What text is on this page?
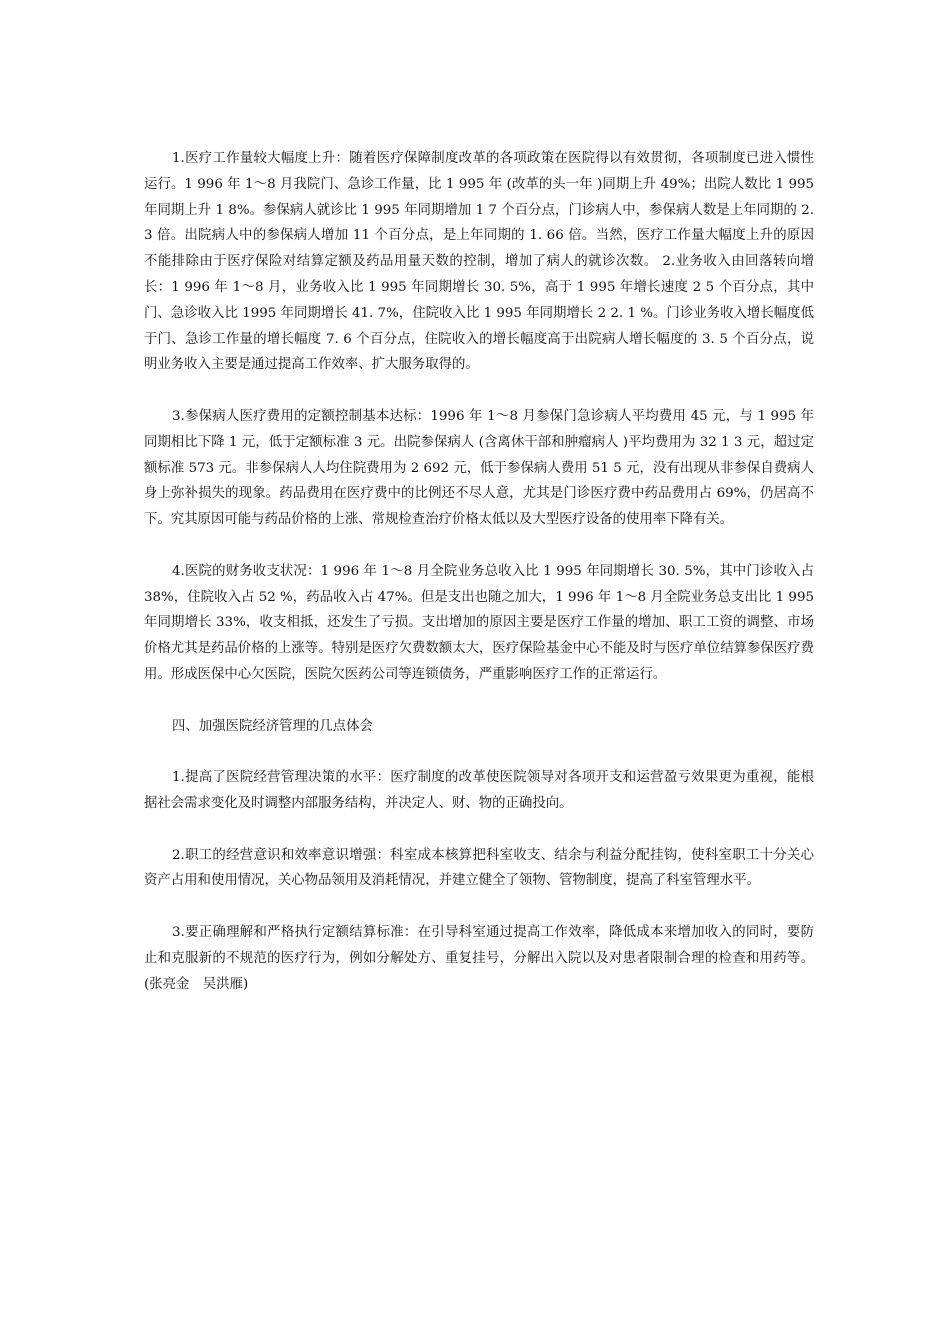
1.医疗工作量较大幅度上升：随着医疗保障制度改革的各项政策在医院得以有效贯彻，各项制度已进入惯性运行。1 996 年 1～8 月我院门、急诊工作量，比 1 995 年 (改革的头一年 )同期上升 49%；出院人数比 1 995 年同期上升 1 8%。参保病人就诊比 1 995 年同期增加 1 7 个百分点，门诊病人中，参保病人数是上年同期的 2. 3 倍。出院病人中的参保病人增加 11 个百分点，是上年同期的 1. 66 倍。当然，医疗工作量大幅度上升的原因不能排除由于医疗保险对结算定额及药品用量天数的控制，增加了病人的就诊次数。 2.业务收入由回落转向增长：1 996 年 1～8 月，业务收入比 1 995 年同期增长 30. 5%，高于 1 995 年增长速度 2 5 个百分点，其中门、急诊收入比 1995 年同期增长 41. 7%，住院收入比 1 995 年同期增长 2 2. 1 %。门诊业务收入增长幅度低于门、急诊工作量的增长幅度 7. 6 个百分点，住院收入的增长幅度高于出院病人增长幅度的 3. 5 个百分点，说明业务收入主要是通过提高工作效率、扩大服务取得的。

3.参保病人医疗费用的定额控制基本达标：1996 年 1～8 月参保门急诊病人平均费用 45 元，与 1 995 年同期相比下降 1 元，低于定额标准 3 元。出院参保病人 (含离休干部和肿瘤病人 )平均费用为 32 1 3 元，超过定额标准 573 元。非参保病人人均住院费用为 2 692 元，低于参保病人费用 51 5 元，没有出现从非参保自费病人身上弥补损失的现象。药品费用在医疗费中的比例还不尽人意，尤其是门诊医疗费中药品费用占 69%，仍居高不下。究其原因可能与药品价格的上涨、常规检查治疗价格太低以及大型医疗设备的使用率下降有关。

4.医院的财务收支状况：1 996 年 1～8 月全院业务总收入比 1 995 年同期增长 30. 5%，其中门诊收入占 38%，住院收入占 52 %，药品收入占 47%。但是支出也随之加大，1 996 年 1～8 月全院业务总支出比 1 995 年同期增长 33%，收支相抵，还发生了亏损。支出增加的原因主要是医疗工作量的增加、职工工资的调整、市场价格尤其是药品价格的上涨等。特别是医疗欠费数额太大，医疗保险基金中心不能及时与医疗单位结算参保医疗费用。形成医保中心欠医院，医院欠医药公司等连锁债务，严重影响医疗工作的正常运行。

四、加强医院经济管理的几点体会

1.提高了医院经营管理决策的水平：医疗制度的改革使医院领导对各项开支和运营盈亏效果更为重视，能根据社会需求变化及时调整内部服务结构，并决定人、财、物的正确投向。

2.职工的经营意识和效率意识增强：科室成本核算把科室收支、结余与利益分配挂钩，使科室职工十分关心资产占用和使用情况，关心物品领用及消耗情况，并建立健全了领物、管物制度，提高了科室管理水平。

3.要正确理解和严格执行定额结算标准：在引导科室通过提高工作效率，降低成本来增加收入的同时，要防止和克服新的不规范的医疗行为，例如分解处方、重复挂号，分解出入院以及对患者限制合理的检查和用药等。(张亮金　吴洪雁)
